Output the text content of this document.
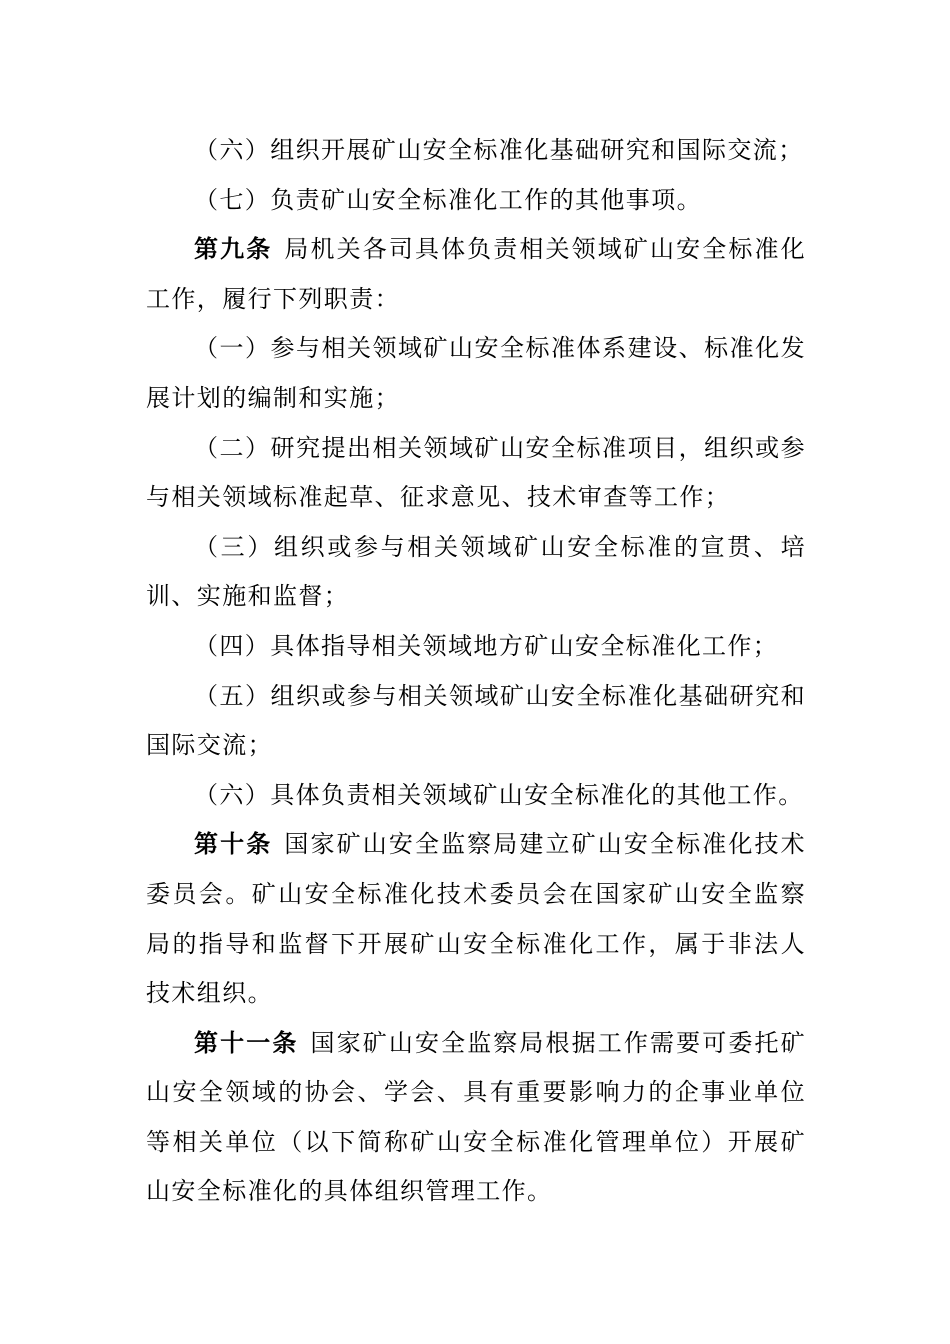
（六）组织开展矿山安全标准化基础研究和国际交流；

（七）负责矿山安全标准化工作的其他事项。

第九条 局机关各司具体负责相关领域矿山安全标准化工作，履行下列职责：

（一）参与相关领域矿山安全标准体系建设、标准化发展计划的编制和实施；

（二）研究提出相关领域矿山安全标准项目，组织或参与相关领域标准起草、征求意见、技术审查等工作；

（三）组织或参与相关领域矿山安全标准的宣贯、培训、实施和监督；

（四）具体指导相关领域地方矿山安全标准化工作；

（五）组织或参与相关领域矿山安全标准化基础研究和国际交流；

（六）具体负责相关领域矿山安全标准化的其他工作。

第十条 国家矿山安全监察局建立矿山安全标准化技术委员会。矿山安全标准化技术委员会在国家矿山安全监察局的指导和监督下开展矿山安全标准化工作，属于非法人技术组织。

第十一条 国家矿山安全监察局根据工作需要可委托矿山安全领域的协会、学会、具有重要影响力的企事业单位等相关单位（以下简称矿山安全标准化管理单位）开展矿山安全标准化的具体组织管理工作。
